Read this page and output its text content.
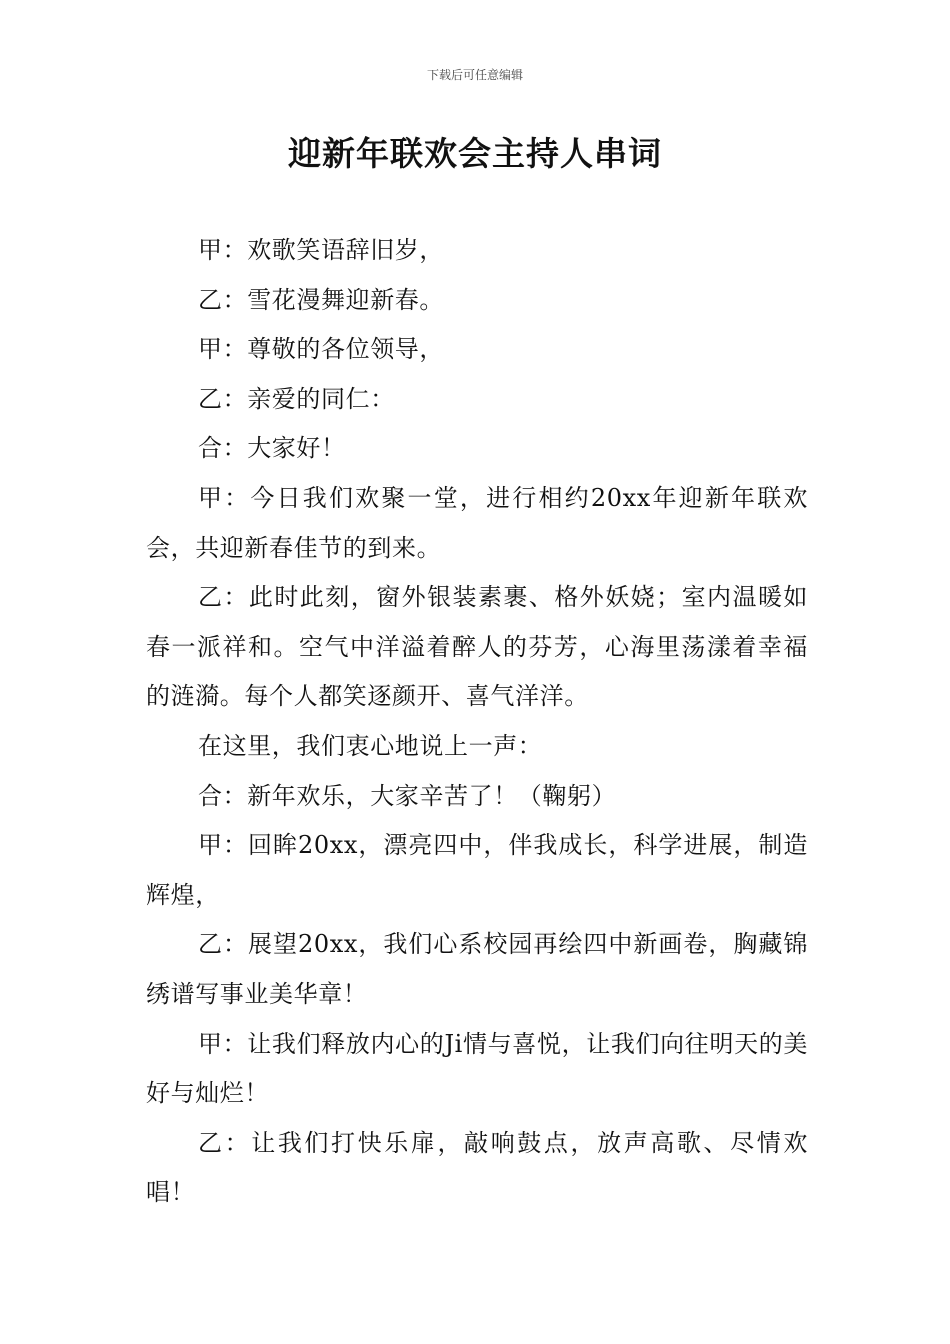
下载后可任意编辑
迎新年联欢会主持人串词

甲：欢歌笑语辞旧岁，

乙：雪花漫舞迎新春。

甲：尊敬的各位领导，

乙：亲爱的同仁：

合：大家好！

甲：今日我们欢聚一堂，进行相约20xx年迎新年联欢会，共迎新春佳节的到来。

乙：此时此刻，窗外银装素裹、格外妖娆；室内温暖如春一派祥和。空气中洋溢着醉人的芬芳，心海里荡漾着幸福的涟漪。每个人都笑逐颜开、喜气洋洋。

在这里，我们衷心地说上一声：

合：新年欢乐，大家辛苦了！（鞠躬）

甲：回眸20xx，漂亮四中，伴我成长，科学进展，制造辉煌，

乙：展望20xx，我们心系校园再绘四中新画卷，胸藏锦绣谱写事业美华章！

甲：让我们释放内心的Ji情与喜悦，让我们向往明天的美好与灿烂！

乙：让我们打快乐扉，敲响鼓点，放声高歌、尽情欢唱！
